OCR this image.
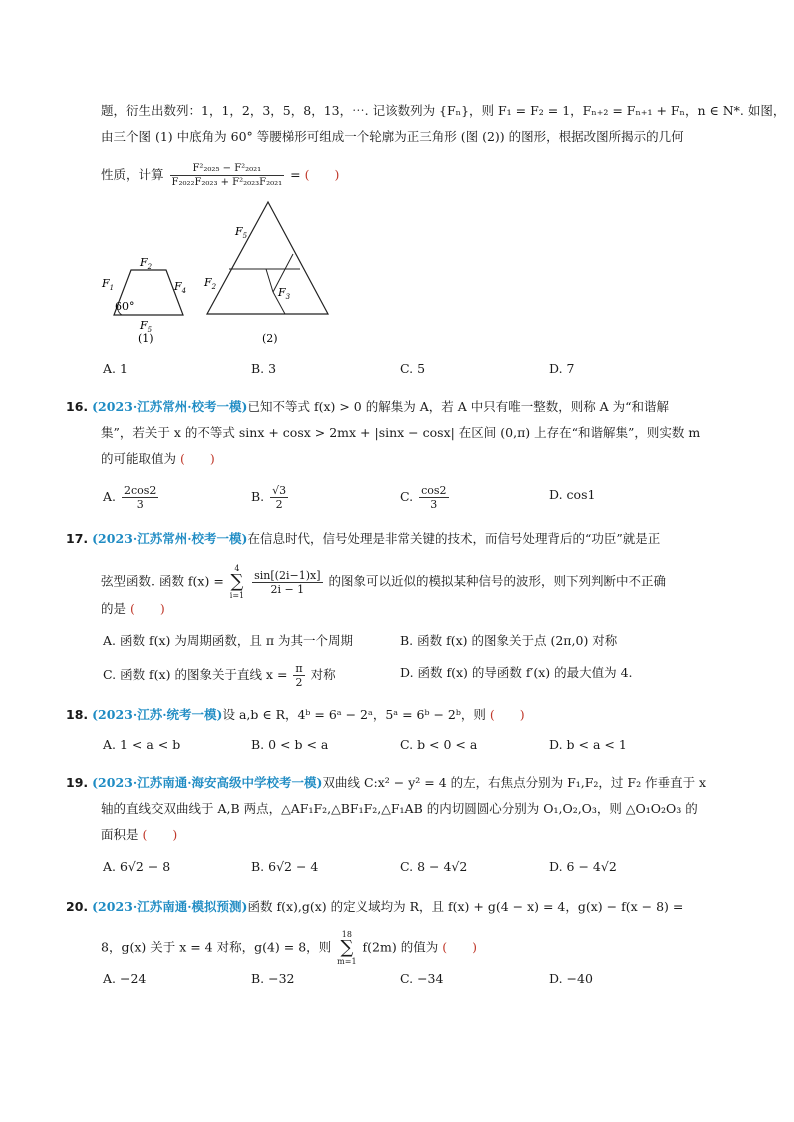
题，衍生出数列：1，1，2，3，5，8，13，⋯. 记该数列为 {Fₙ}，则 F₁ = F₂ = 1，Fₙ₊₂ = Fₙ₊₁ + Fₙ，n ∈ N*. 如图，
由三个图 (1) 中底角为 60° 等腰梯形可组成一个轮廓为正三角形 (图 (2)) 的图形，根据改图所揭示的几何
性质，计算 $\frac{\text{F²₂₀₂₅ − F²₂₀₂₁}}{\text{F₂₀₂₂F₂₀₂₃ + F²₂₀₂₃F₂₀₂₁}}$ = (　　)
$F_2$
$F_1$	$F_4$
$F_5$
60°
(1)
$F_5$
$F_2$	$F_3$
(2)
A. 1	B. 3	C. 5	D. 7
16. (2023·江苏常州·校考一模)已知不等式 f(x) > 0 的解集为 A，若 A 中只有唯一整数，则称 A 为“和谐解
集”，若关于 x 的不等式 sinx + cosx > 2mx + |sinx − cosx| 在区间 (0,π) 上存在“和谐解集”，则实数 m
的可能取值为 (　　)
A. $\frac{2\cos 2}{3}$	B. $\frac{√3}{2}$	C. $\frac{\cos 2}{3}$	D. cos1
17. (2023·江苏常州·校考一模)在信息时代，信号处理是非常关键的技术，而信号处理背后的“功臣”就是正
弦型函数. 函数 f(x) = 4
∑
$i=1 \frac{\sin[(2i-1)x]}{2i - 1}$ 的图象可以近似的模拟某种信号的波形，则下列判断中不正确
的是 (　　)
A. 函数 f(x) 为周期函数，且 π 为其一个周期	B. 函数 f(x) 的图象关于点 (2π,0) 对称
C. 函数 f(x) 的图象关于直线 $x = \frac{\pi}{2}$ 对称	D. 函数 f(x) 的导函数 f′(x) 的最大值为 4.
18. (2023·江苏·统考一模)设 a,b ∈ R，4ᵇ = 6ᵃ − 2ᵃ，5ᵃ = 6ᵇ − 2ᵇ，则 (　　)
A. 1 < a < b	B. 0 < b < a	C. b < 0 < a	D. b < a < 1
19. (2023·江苏南通·海安高级中学校考一模)双曲线 C:x² − y² = 4 的左，右焦点分别为 F₁,F₂，过 F₂ 作垂直于 x
轴的直线交双曲线于 A,B 两点，△AF₁F₂,△BF₁F₂,△F₁AB 的内切圆圆心分别为 O₁,O₂,O₃，则 △O₁O₂O₃ 的
面积是 (　　)
A. 6√2 − 8	B. 6√2 − 4	C. 8 − 4√2	D. 6 − 4√2
20. (2023·江苏南通·模拟预测)函数 f(x),g(x) 的定义域均为 R，且 f(x) + g(4 − x) = 4，g(x) − f(x − 8) =
8，g(x) 关于 x = 4 对称，g(4) = 8，则 18
∑
m=1 f(2m) 的值为 (　　)
A. −24	B. −32	C. −34	D. −40
